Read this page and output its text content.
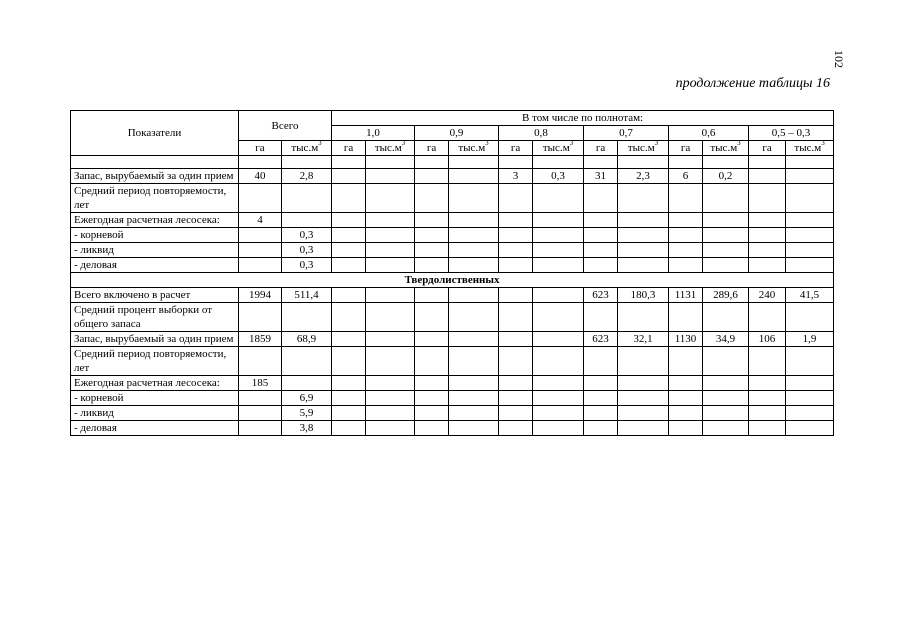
102
продолжение таблицы 16
Показатели	Всего		В том числе по полнотам:											
			1,0		0,9		0,8		0,7		0,6		0,5 – 0,3	
	га	$тыс.м^3$	га	$тыс.м^3$	га	$тыс.м^3$	га	$тыс.м^3$	га	$тыс.м^3$	га	$тыс.м^3$	га	$тыс.м^3$

Запас, вырубаемый за один прием	40	2,8					3	0,3	31	2,3	6	0,2		
Средний период повторяемости, лет														
Ежегодная расчетная лесосека:	4													
- корневой		0,3												
- ликвид		0,3												
- деловая		0,3												
Твердолиственных														
Всего включено в расчет	1994	511,4							623	180,3	1131	289,6	240	41,5
Средний процент выборки от общего запаса														
Запас, вырубаемый за один прием	1859	68,9							623	32,1	1130	34,9	106	1,9
Средний период повторяемости, лет														
Ежегодная расчетная лесосека:	185													
- корневой		6,9												
- ликвид		5,9												
- деловая		3,8												
